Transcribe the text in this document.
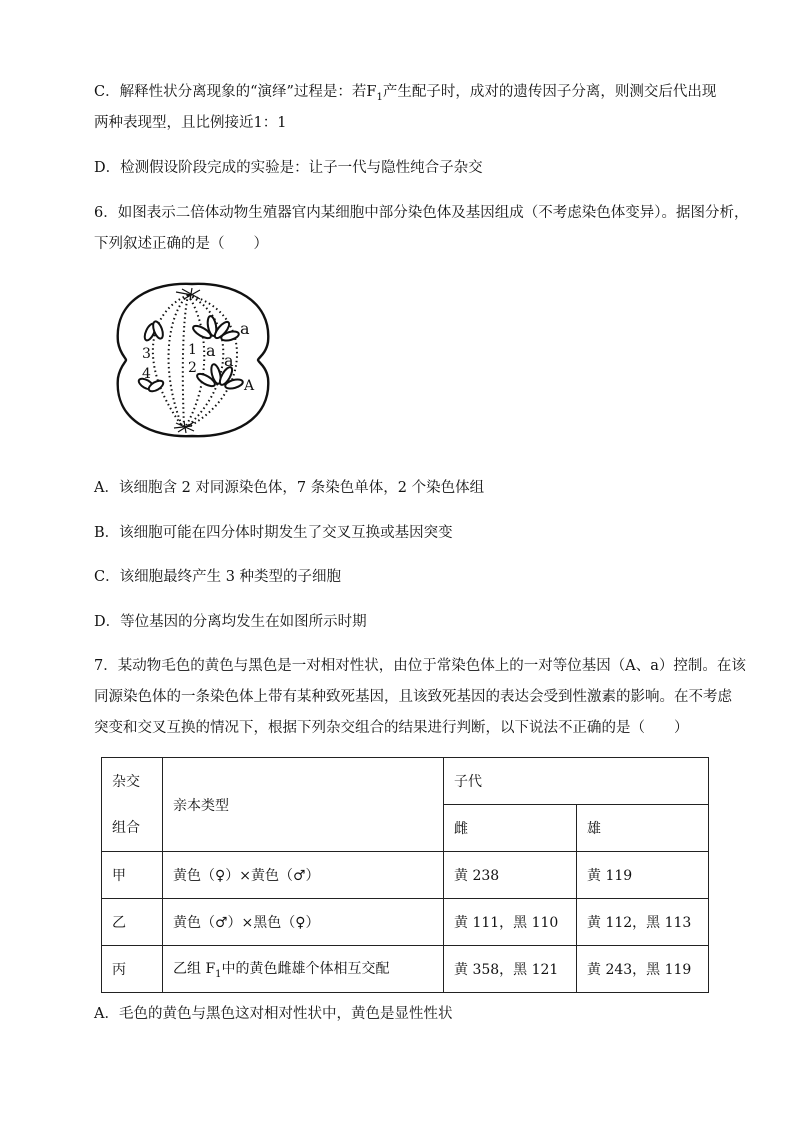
C．解释性状分离现象的“演绎”过程是：若$F_1$产生配子时，成对的遗传因子分离，则测交后代出现
两种表现型，且比例接近1：1
D．检测假设阶段完成的实验是：让子一代与隐性纯合子杂交
6．如图表示二倍体动物生殖器官内某细胞中部分染色体及基因组成（不考虑染色体变异）。据图分析，
下列叙述正确的是（　　）
3	1
2
4
a
a
a
A
A．该细胞含 2 对同源染色体，7 条染色单体，2 个染色体组
B．该细胞可能在四分体时期发生了交叉互换或基因突变
C．该细胞最终产生 3 种类型的子细胞
D．等位基因的分离均发生在如图所示时期
7．某动物毛色的黄色与黑色是一对相对性状，由位于常染色体上的一对等位基因（A、a）控制。在该
同源染色体的一条染色体上带有某种致死基因，且该致死基因的表达会受到性激素的影响。在不考虑
突变和交叉互换的情况下，根据下列杂交组合的结果进行判断，以下说法不正确的是（　　）
杂交
组合	亲本类型	子代	
		雌	雄
甲	黄色（♀）×黄色（♂）	黄 238	黄 119
乙	黄色（♂）×黑色（♀）	黄 111，黑 110	黄 112，黑 113
丙	乙组 $F_1$中的黄色雌雄个体相互交配	黄 358，黑 121	黄 243，黑 119
A．毛色的黄色与黑色这对相对性状中，黄色是显性性状
